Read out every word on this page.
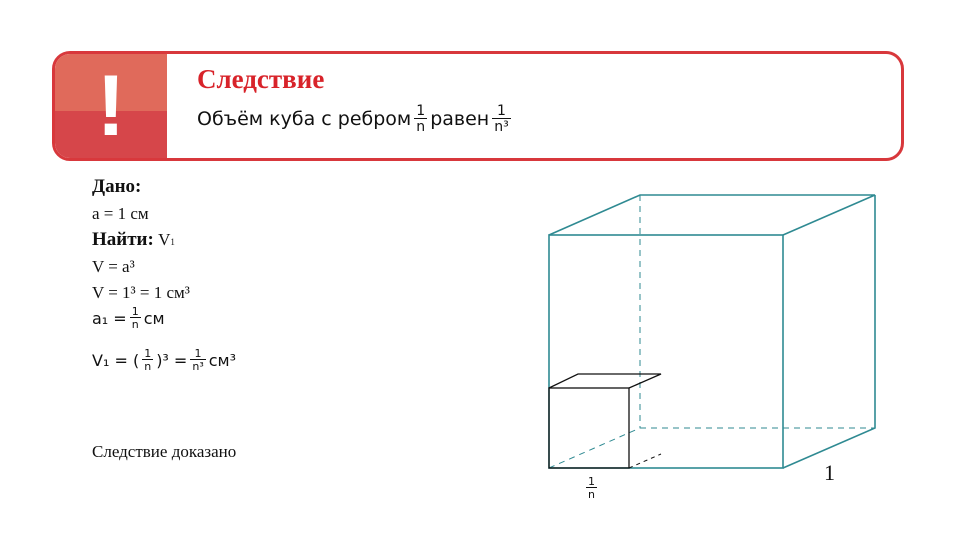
!	Следствие
Объём куба с ребром $\frac{1}{n}$ равен $\frac{1}{\text{n³}}$
Дано:
a = 1 см
Найти: V1
V = a³
V = 1³ = 1 см³
$a_1 = \frac{1}{n}$ см
V₁ = ( $\frac{1}{n} )^3 = \frac{1}{\text{n³}} см^3$
Следствие доказано
1
$\frac{1}{n}$
